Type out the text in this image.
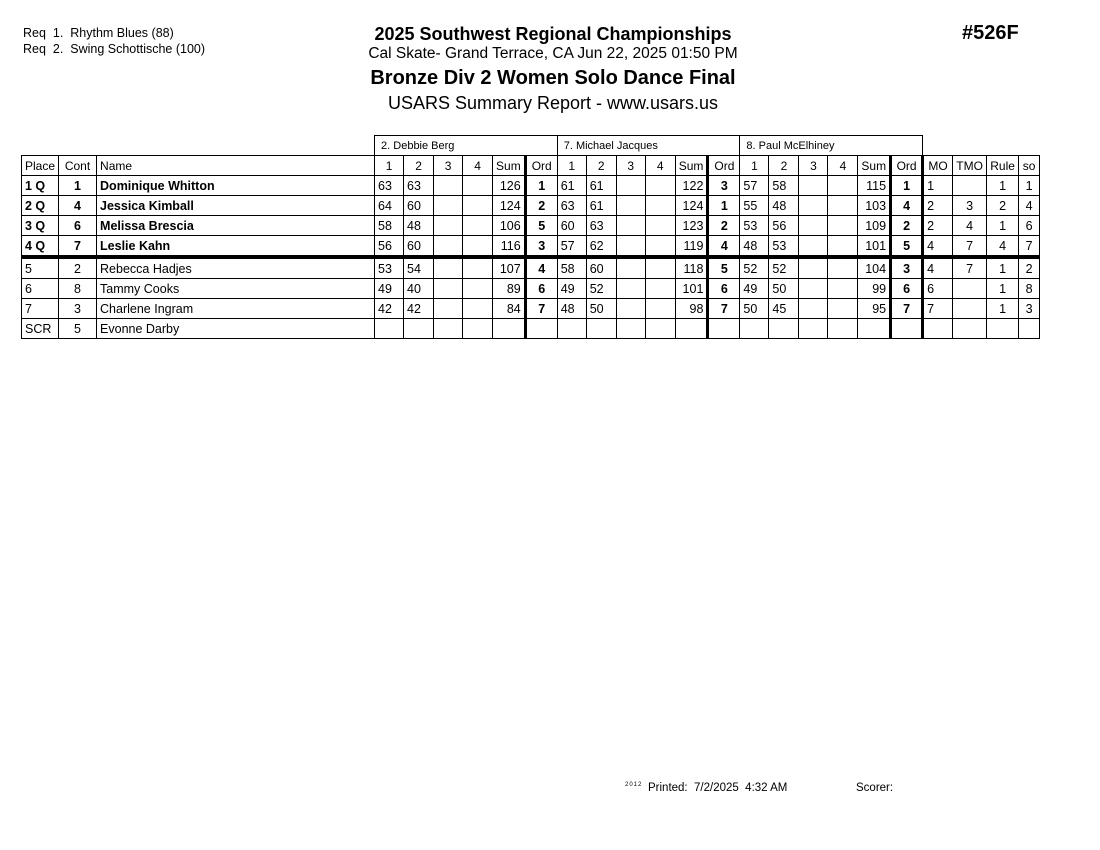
Req  1.  Rhythm Blues (88)
Req  2.  Swing Schottische (100)
2025 Southwest Regional Championships
Cal Skate- Grand Terrace, CA Jun 22, 2025 01:50 PM
Bronze Div 2 Women Solo Dance Final
USARS Summary Report - www.usars.us
#526F
			2. Debbie Berg						7. Michael Jacques						8. Paul McElhiney									
Place	Cont	Name	1	2	3	4	Sum	Ord	1	2	3	4	Sum	Ord	1	2	3	4	Sum	Ord	MO	TMO	Rule	so
1 Q	1	Dominique Whitton	63	63			126	1	61	61			122	3	57	58			115	1	1		1	1
2 Q	4	Jessica Kimball	64	60			124	2	63	61			124	1	55	48			103	4	2	3	2	4
3 Q	6	Melissa Brescia	58	48			106	5	60	63			123	2	53	56			109	2	2	4	1	6
4 Q	7	Leslie Kahn	56	60			116	3	57	62			119	4	48	53			101	5	4	7	4	7
5	2	Rebecca Hadjes	53	54			107	4	58	60			118	5	52	52			104	3	4	7	1	2
6	8	Tammy Cooks	49	40			89	6	49	52			101	6	49	50			99	6	6		1	8
7	3	Charlene Ingram	42	42			84	7	48	50			98	7	50	45			95	7	7		1	3
SCR	5	Evonne Darby																						
2012 Printed:  7/2/2025  4:32 AM	Scorer:
